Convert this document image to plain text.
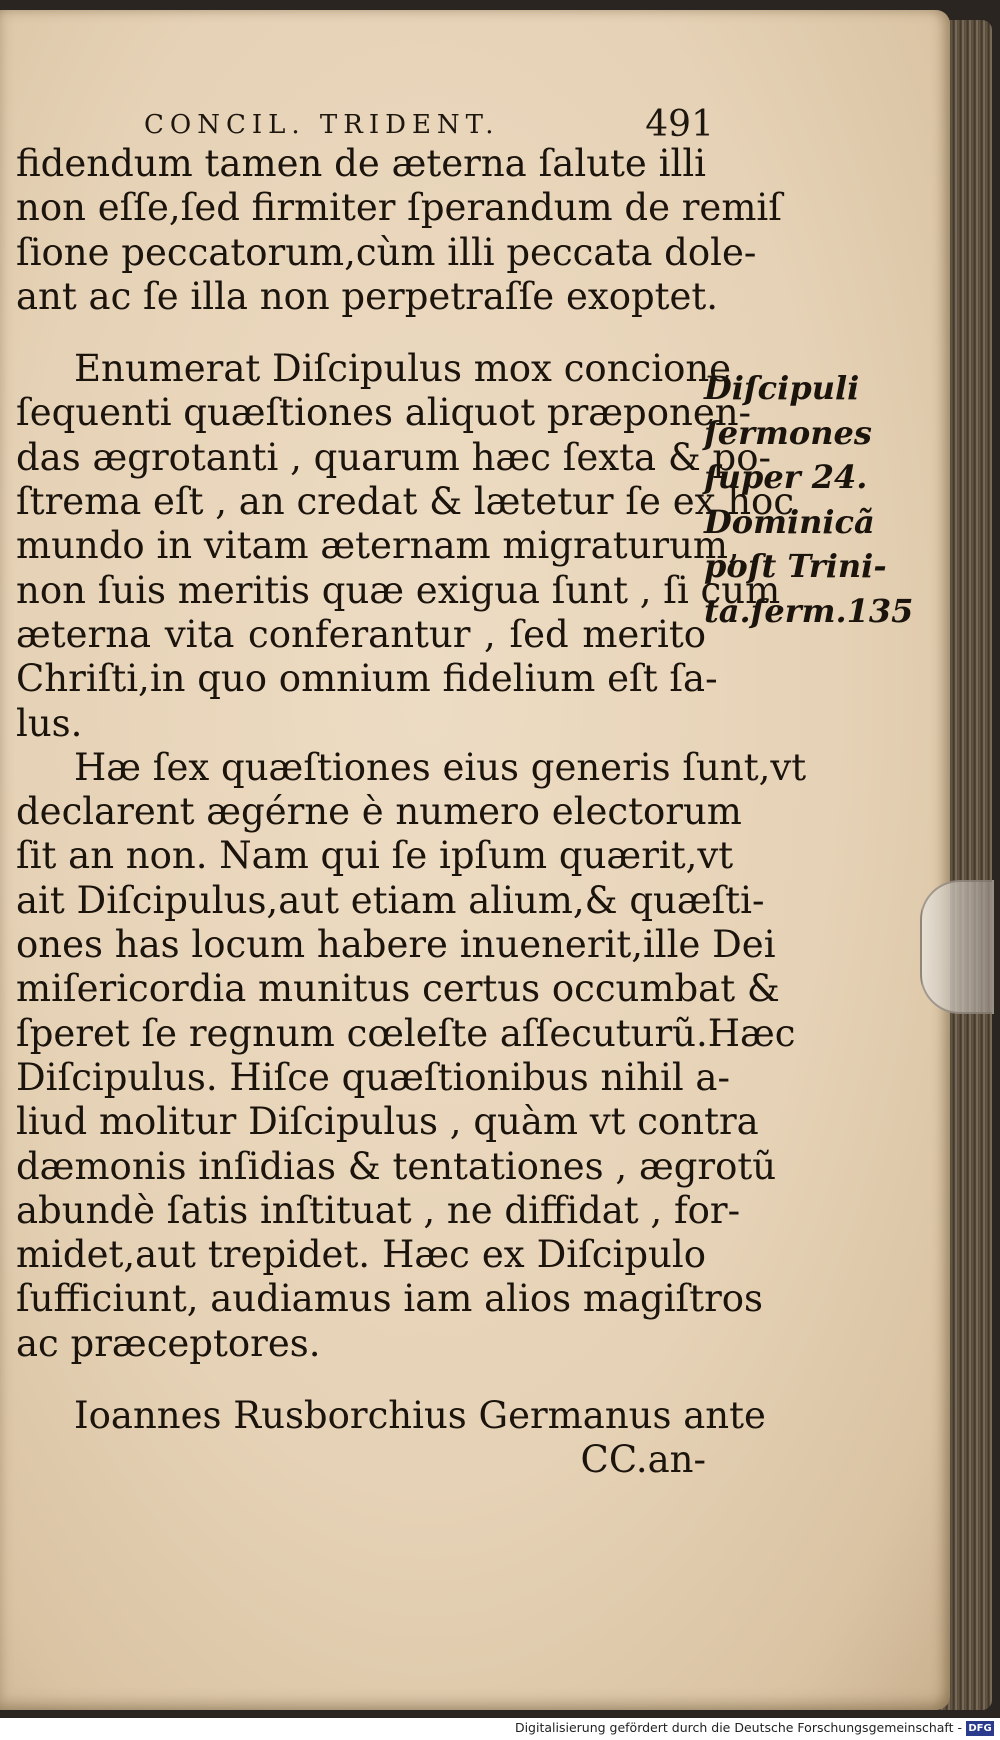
CONCIL. TRIDENT.	491
fidendum tamen de æterna ſalute illi
non eſſe,ſed firmiter ſperandum de remiſ
ſione peccatorum,cùm illi peccata dole-
ant ac ſe illa non perpetraſſe exoptet.
Enumerat Diſcipulus mox concione
ſequenti quæſtiones aliquot præponen-
das ægrotanti , quarum hæc ſexta & po-
ſtrema eſt , an credat & lætetur ſe ex hoc
mundo in vitam æternam migraturum,
non ſuis meritis quæ exigua ſunt , ſi cum
æterna vita conferantur , ſed merito
Chriſti,in quo omnium fidelium eſt ſa-
lus.
Hæ ſex quæſtiones eius generis ſunt,vt
declarent ægérne è numero electorum
ſit an non. Nam qui ſe ipſum quærit,vt
ait Diſcipulus,aut etiam alium,& quæſti-
ones has locum habere inuenerit,ille Dei
miſericordia munitus certus occumbat &
ſperet ſe regnum cœleſte aſſecuturũ.Hæc
Diſcipulus. Hiſce quæſtionibus nihil a-
liud molitur Diſcipulus , quàm vt contra
dæmonis inſidias & tentationes , ægrotũ
abundè ſatis inſtituat , ne diffidat , for-
midet,aut trepidet. Hæc ex Diſcipulo
ſufficiunt, audiamus iam alios magiſtros
ac præceptores.
Ioannes Rusborchius Germanus ante
CC.an-
Diſcipuli
ſermones
ſuper 24.
Dominicã
poſt Trini-
ta.ſerm.135
Digitalisierung gefördert durch die Deutsche Forschungsgemeinschaft - DFG
